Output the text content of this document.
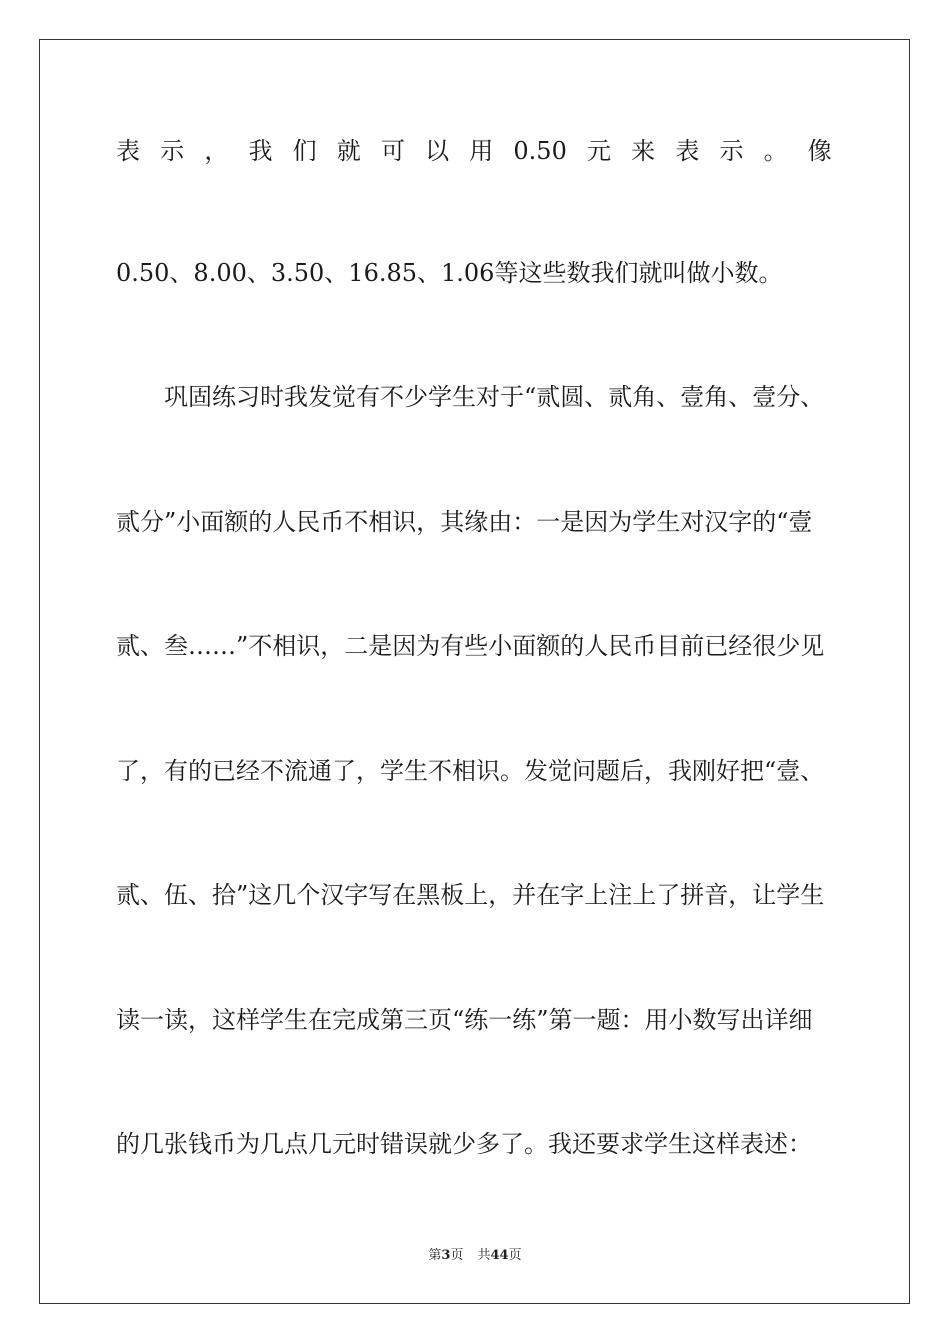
表 示 ， 我 们 就 可 以 用 0.50 元 来 表 示 。 像
0.50、8.00、3.50、16.85、1.06等这些数我们就叫做小数。
巩固练习时我发觉有不少学生对于“贰圆、贰角、壹角、壹分、
贰分”小面额的人民币不相识，其缘由：一是因为学生对汉字的“壹
贰、叁……”不相识，二是因为有些小面额的人民币目前已经很少见
了，有的已经不流通了，学生不相识。发觉问题后，我刚好把“壹、
贰、伍、拾”这几个汉字写在黑板上，并在字上注上了拼音，让学生
读一读，这样学生在完成第三页“练一练”第一题：用小数写出详细
的几张钱币为几点几元时错误就少多了。我还要求学生这样表述：
第3页 共44页
